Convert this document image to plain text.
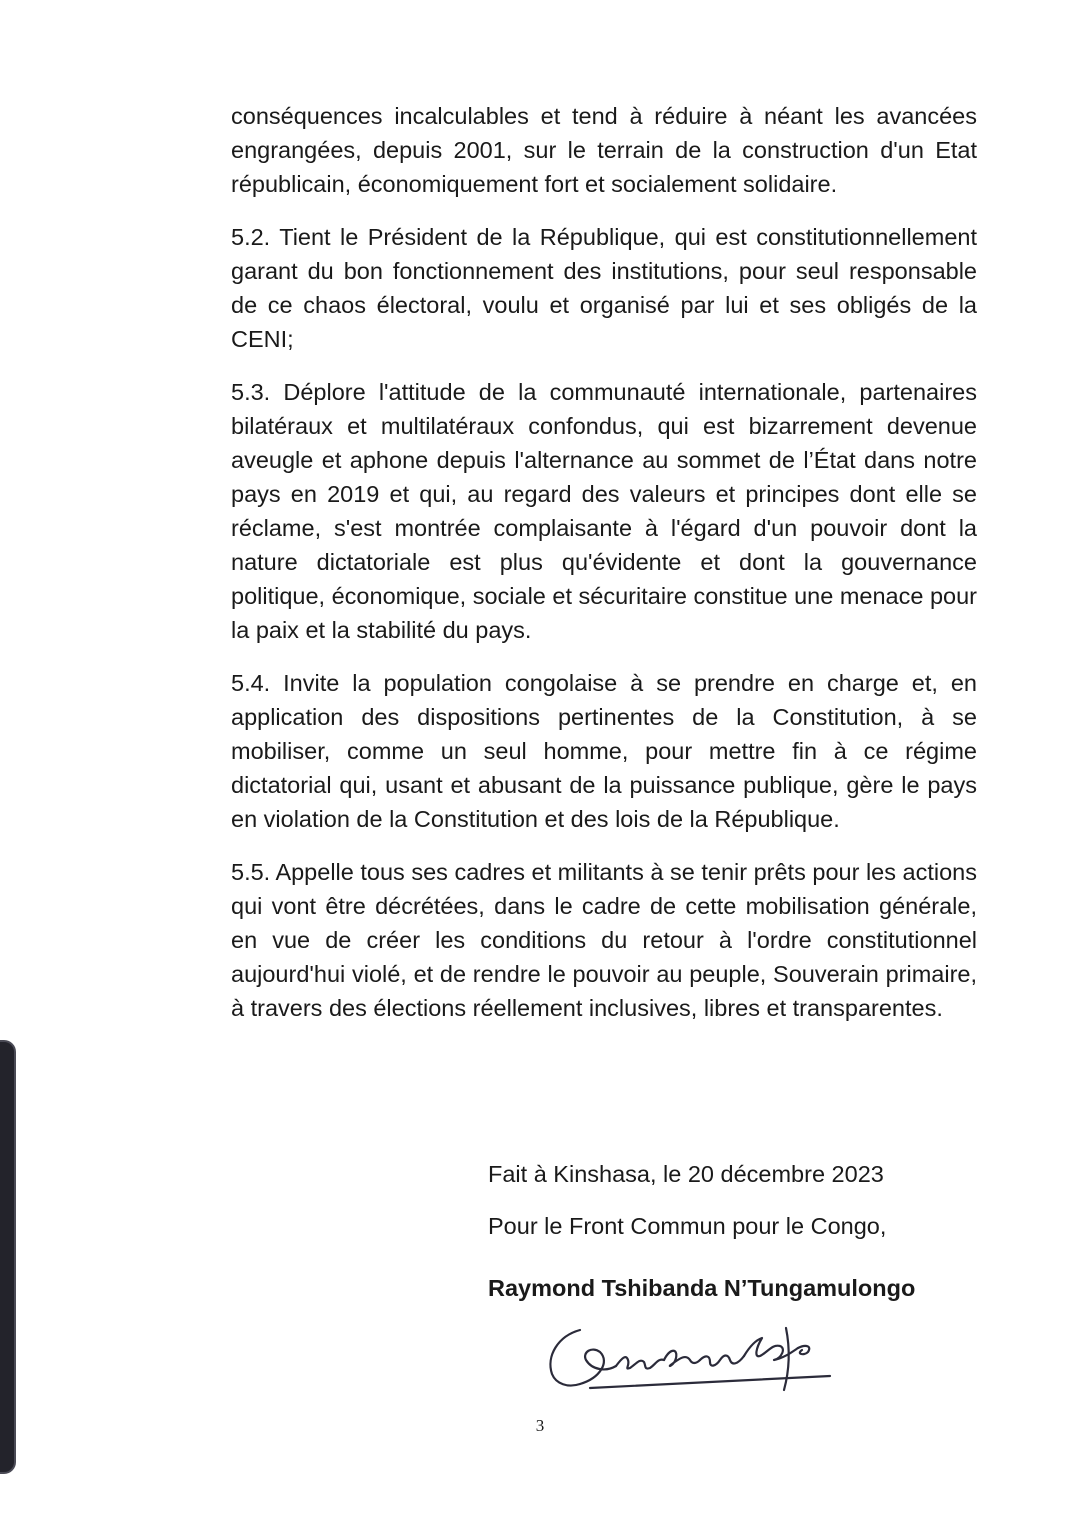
conséquences incalculables et tend à réduire à néant les avancées engrangées, depuis 2001, sur le terrain de la construction d'un Etat républicain, économiquement fort et socialement solidaire.

5.2. Tient le Président de la République, qui est constitutionnellement garant du bon fonctionnement des institutions, pour seul responsable de ce chaos électoral, voulu et organisé par lui et ses obligés de la CENI;

5.3. Déplore l'attitude de la communauté internationale, partenaires bilatéraux et multilatéraux confondus, qui est bizarrement devenue aveugle et aphone depuis l'alternance au sommet de l’État dans notre pays en 2019 et qui, au regard des valeurs et principes dont elle se réclame, s'est montrée complaisante à l'égard d'un pouvoir dont la nature dictatoriale est plus qu'évidente et dont la gouvernance politique, économique, sociale et sécuritaire constitue une menace pour la paix et la stabilité du pays.

5.4. Invite la population congolaise à se prendre en charge et, en application des dispositions pertinentes de la Constitution, à se mobiliser, comme un seul homme, pour mettre fin à ce régime dictatorial qui, usant et abusant de la puissance publique, gère le pays en violation de la Constitution et des lois de la République.

5.5. Appelle tous ses cadres et militants à se tenir prêts pour les actions qui vont être décrétées, dans le cadre de cette mobilisation générale, en vue de créer les conditions du retour à l'ordre constitutionnel aujourd'hui violé, et de rendre le pouvoir au peuple, Souverain primaire, à travers des élections réellement inclusives, libres et transparentes.

Fait à Kinshasa, le 20 décembre 2023
Pour le Front Commun pour le Congo,
Raymond Tshibanda N’Tungamulongo
3
